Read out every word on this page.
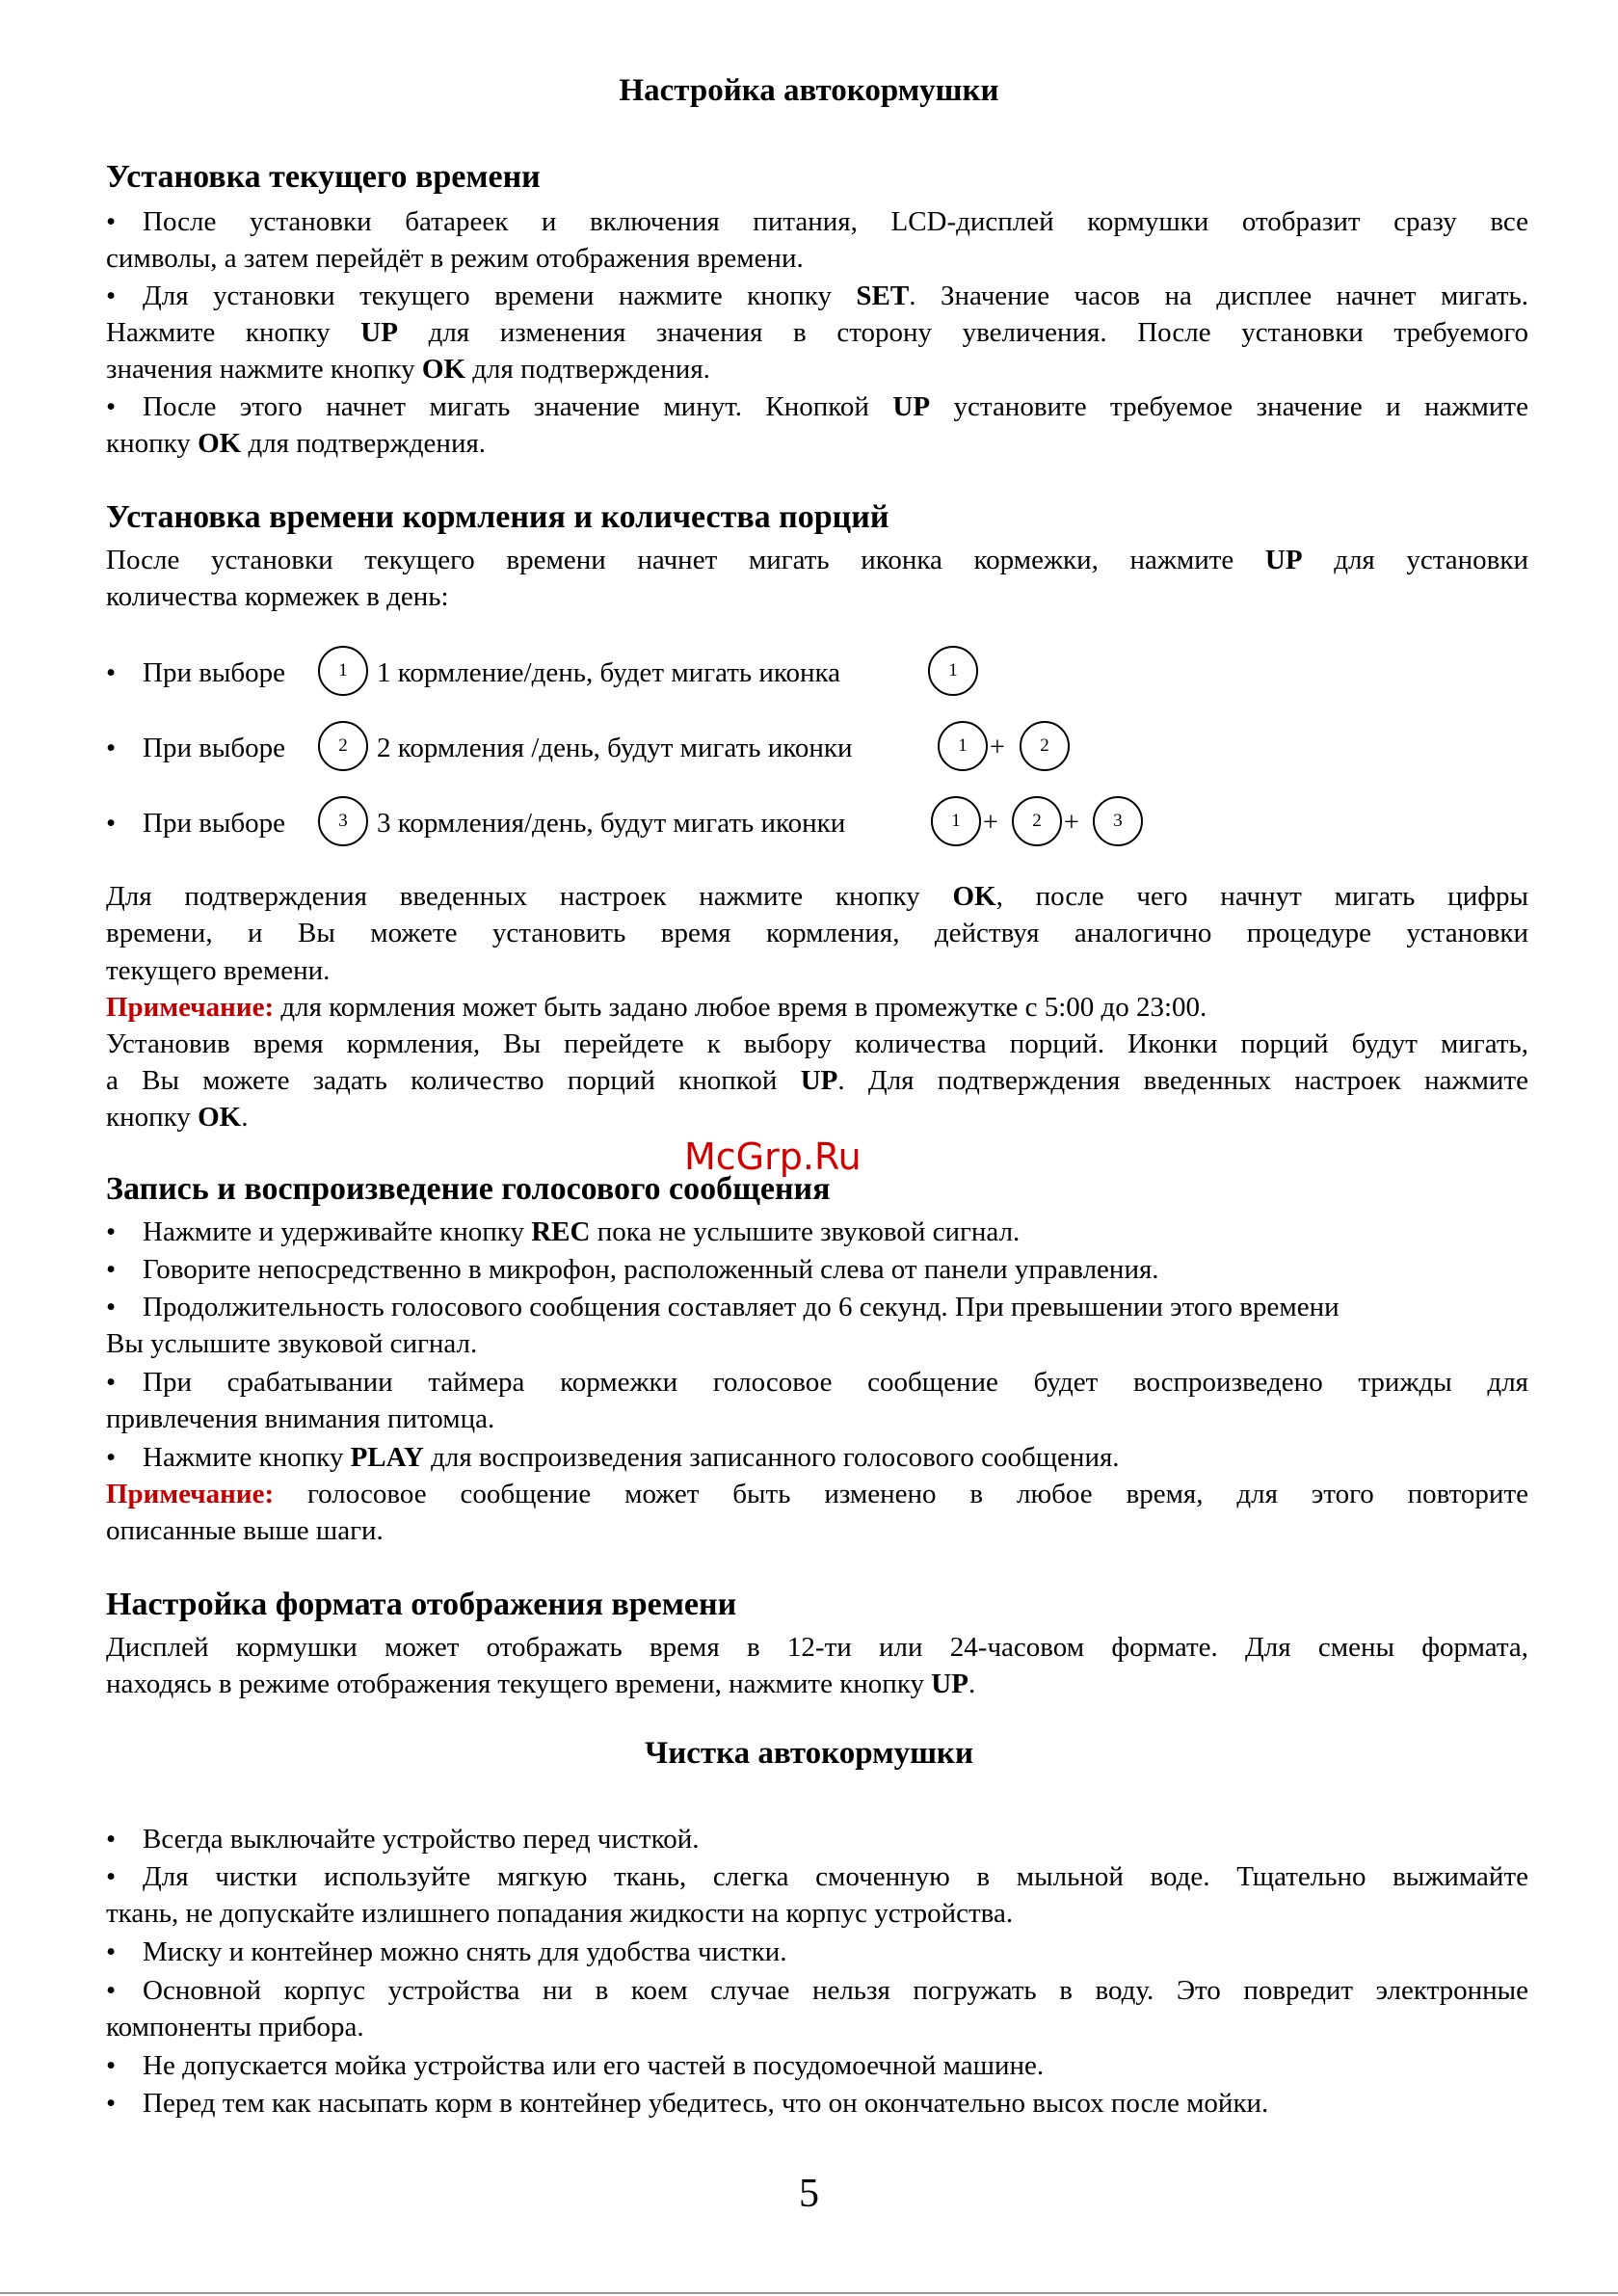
Настройка автокормушки
Установка текущего времени
• После установки батареек и включения питания, LCD-дисплей кормушки отобразит сразу все
символы, а затем перейдёт в режим отображения времени.
• Для установки текущего времени нажмите кнопку SET. Значение часов на дисплее начнет мигать.
Нажмите кнопку UP для изменения значения в сторону увеличения. После установки требуемого
значения нажмите кнопку OK для подтверждения.
• После этого начнет мигать значение минут. Кнопкой UP установите требуемое значение и нажмите
кнопку OK для подтверждения.
Установка времени кормления и количества порций
После установки текущего времени начнет мигать иконка кормежки, нажмите UP для установки
количества кормежек в день:
• При выборе	1	1 кормление/день, будет мигать иконка	1
• При выборе	2	2 кормления /день, будут мигать иконки	1 +	2
• При выборе	3	3 кормления/день, будут мигать иконки	1 +	2 +	3
Для подтверждения введенных настроек нажмите кнопку OK, после чего начнут мигать цифры
времени, и Вы можете установить время кормления, действуя аналогично процедуре установки
текущего времени.
Примечание: для кормления может быть задано любое время в промежутке с 5:00 до 23:00.
Установив время кормления, Вы перейдете к выбору количества порций. Иконки порций будут мигать,
а Вы можете задать количество порций кнопкой UP. Для подтверждения введенных настроек нажмите
кнопку OK.
McGrp.Ru
Запись и воспроизведение голосового сообщения
• Нажмите и удерживайте кнопку REC пока не услышите звуковой сигнал.
• Говорите непосредственно в микрофон, расположенный слева от панели управления.
• Продолжительность голосового сообщения составляет до 6 секунд. При превышении этого времени
Вы услышите звуковой сигнал.
• При срабатывании таймера кормежки голосовое сообщение будет воспроизведено трижды для
привлечения внимания питомца.
• Нажмите кнопку PLAY для воспроизведения записанного голосового сообщения.
Примечание: голосовое сообщение может быть изменено в любое время, для этого повторите
описанные выше шаги.
Настройка формата отображения времени
Дисплей кормушки может отображать время в 12-ти или 24-часовом формате. Для смены формата,
находясь в режиме отображения текущего времени, нажмите кнопку UP.
Чистка автокормушки
• Всегда выключайте устройство перед чисткой.
• Для чистки используйте мягкую ткань, слегка смоченную в мыльной воде. Тщательно выжимайте
ткань, не допускайте излишнего попадания жидкости на корпус устройства.
• Миску и контейнер можно снять для удобства чистки.
• Основной корпус устройства ни в коем случае нельзя погружать в воду. Это повредит электронные
компоненты прибора.
• Не допускается мойка устройства или его частей в посудомоечной машине.
• Перед тем как насыпать корм в контейнер убедитесь, что он окончательно высох после мойки.
5
